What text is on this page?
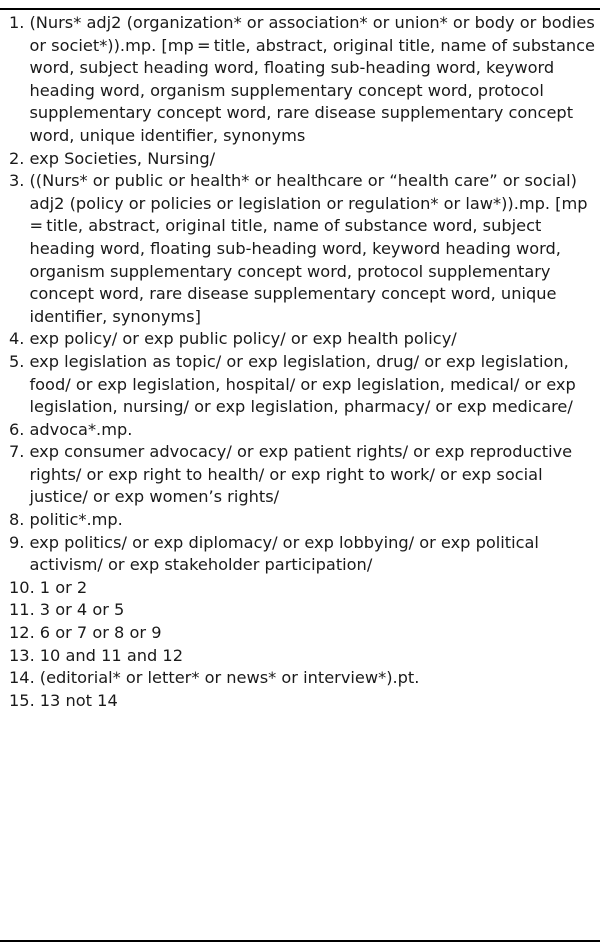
1. (Nurs* adj2 (organization* or association* or union* or body or bodies or societ*)).mp. [mp = title, abstract, original title, name of substance word, subject heading word, floating sub-heading word, keyword heading word, organism supplementary concept word, protocol supplementary concept word, rare disease supplementary concept word, unique identifier, synonyms
2. exp Societies, Nursing/
3. ((Nurs* or public or health* or healthcare or “health care” or social) adj2 (policy or policies or legislation or regulation* or law*)).mp. [mp = title, abstract, original title, name of substance word, subject heading word, floating sub-heading word, keyword heading word, organism supplementary concept word, protocol supplementary concept word, rare disease supplementary concept word, unique identifier, synonyms]
4. exp policy/ or exp public policy/ or exp health policy/
5. exp legislation as topic/ or exp legislation, drug/ or exp legislation, food/ or exp legislation, hospital/ or exp legislation, medical/ or exp legislation, nursing/ or exp legislation, pharmacy/ or exp medicare/
6. advoca*.mp.
7. exp consumer advocacy/ or exp patient rights/ or exp reproductive rights/ or exp right to health/ or exp right to work/ or exp social justice/ or exp women’s rights/
8. politic*.mp.
9. exp politics/ or exp diplomacy/ or exp lobbying/ or exp political activism/ or exp stakeholder participation/
10. 1 or 2
11. 3 or 4 or 5
12. 6 or 7 or 8 or 9
13. 10 and 11 and 12
14. (editorial* or letter* or news* or interview*).pt.
15. 13 not 14
